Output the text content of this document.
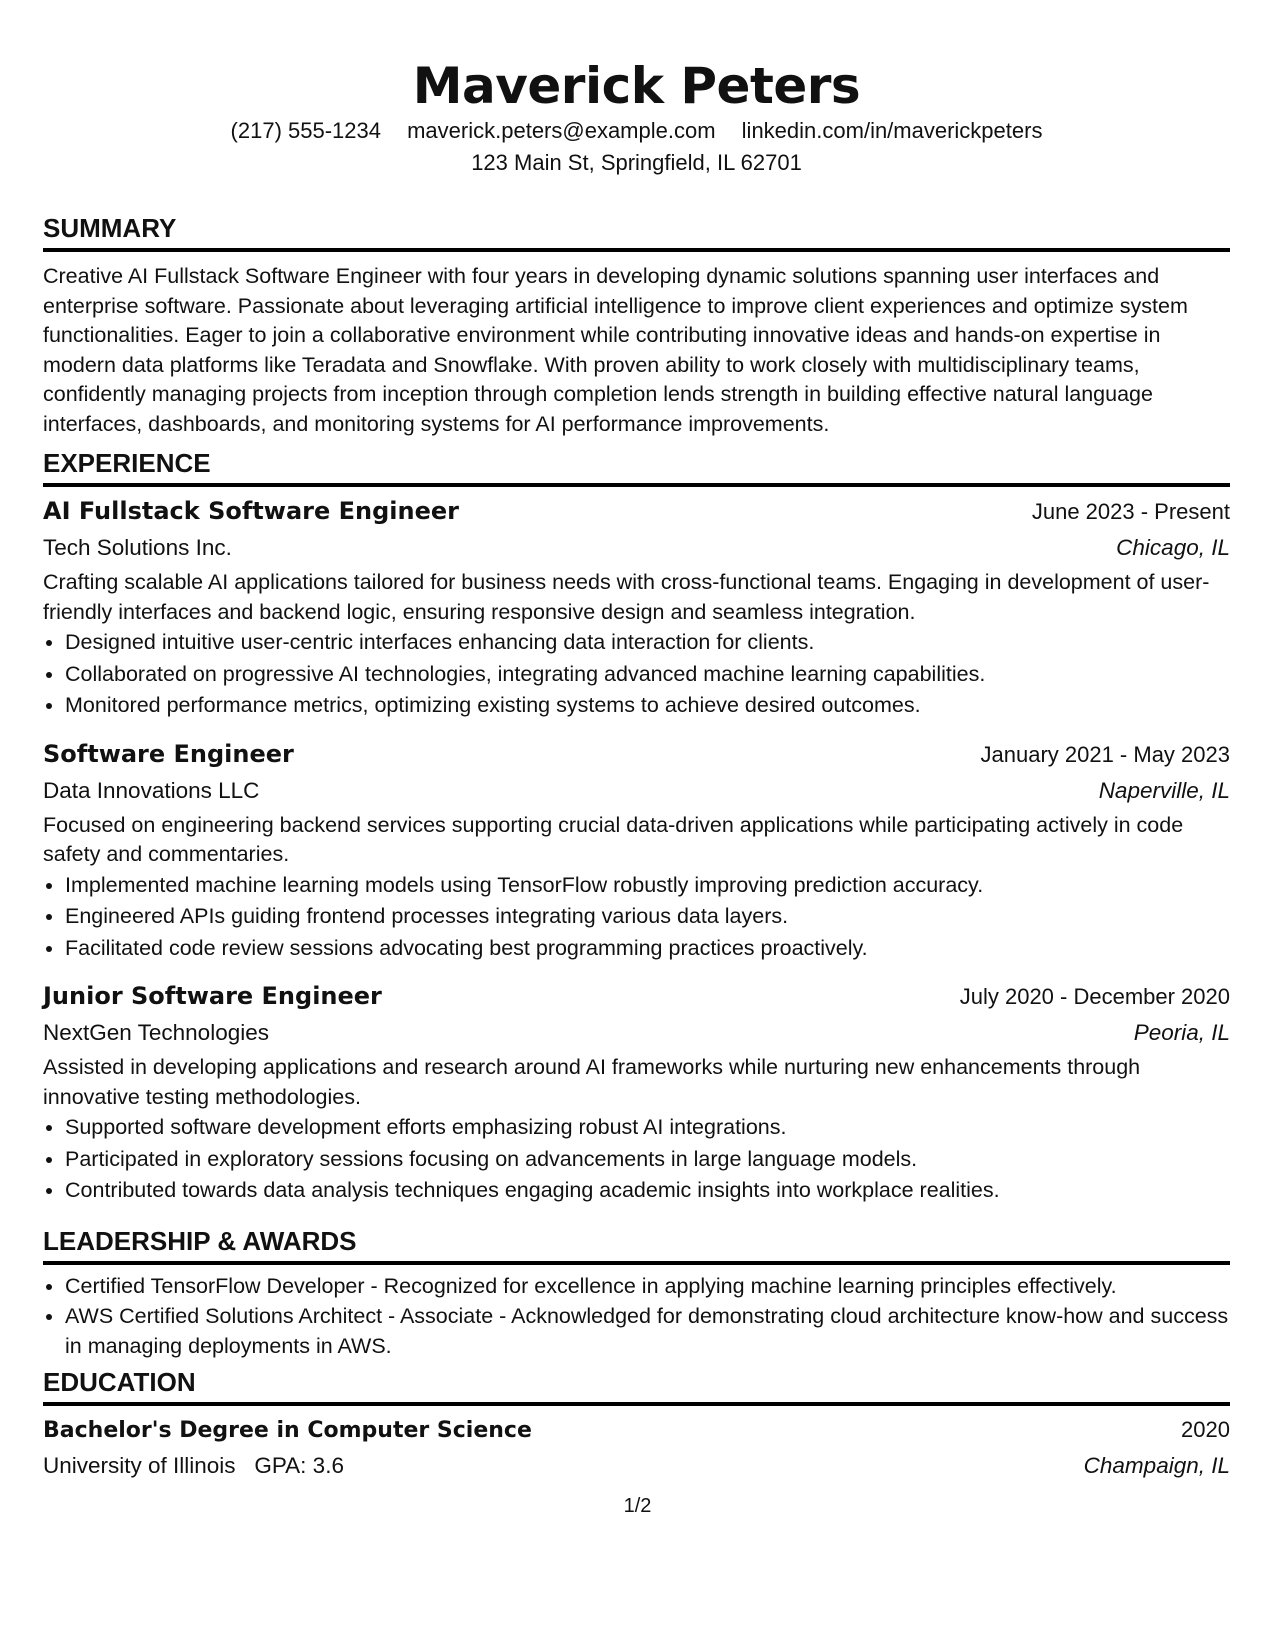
Maverick Peters
(217) 555-1234 maverick.peters@example.com linkedin.com/in/maverickpeters
123 Main St, Springfield, IL 62701
SUMMARY

Creative AI Fullstack Software Engineer with four years in developing dynamic solutions spanning user interfaces and enterprise software. Passionate about leveraging artificial intelligence to improve client experiences and optimize system functionalities. Eager to join a collaborative environment while contributing innovative ideas and hands-on expertise in modern data platforms like Teradata and Snowflake. With proven ability to work closely with multidisciplinary teams, confidently managing projects from inception through completion lends strength in building effective natural language interfaces, dashboards, and monitoring systems for AI performance improvements.

EXPERIENCE
AI Fullstack Software Engineer	June 2023 - Present
Tech Solutions Inc.	Chicago, IL

Crafting scalable AI applications tailored for business needs with cross-functional teams. Engaging in development of user-friendly interfaces and backend logic, ensuring responsive design and seamless integration.

• Designed intuitive user-centric interfaces enhancing data interaction for clients.
• Collaborated on progressive AI technologies, integrating advanced machine learning capabilities.
• Monitored performance metrics, optimizing existing systems to achieve desired outcomes.
Software Engineer	January 2021 - May 2023
Data Innovations LLC	Naperville, IL

Focused on engineering backend services supporting crucial data-driven applications while participating actively in code safety and commentaries.

• Implemented machine learning models using TensorFlow robustly improving prediction accuracy.
• Engineered APIs guiding frontend processes integrating various data layers.
• Facilitated code review sessions advocating best programming practices proactively.
Junior Software Engineer	July 2020 - December 2020
NextGen Technologies	Peoria, IL

Assisted in developing applications and research around AI frameworks while nurturing new enhancements through innovative testing methodologies.

• Supported software development efforts emphasizing robust AI integrations.
• Participated in exploratory sessions focusing on advancements in large language models.
• Contributed towards data analysis techniques engaging academic insights into workplace realities.
LEADERSHIP & AWARDS
• Certified TensorFlow Developer - Recognized for excellence in applying machine learning principles effectively.
• AWS Certified Solutions Architect - Associate - Acknowledged for demonstrating cloud architecture know-how and success in managing deployments in AWS.
EDUCATION
Bachelor's Degree in Computer Science	2020
University of Illinois GPA: 3.6	Champaign, IL
1/2
